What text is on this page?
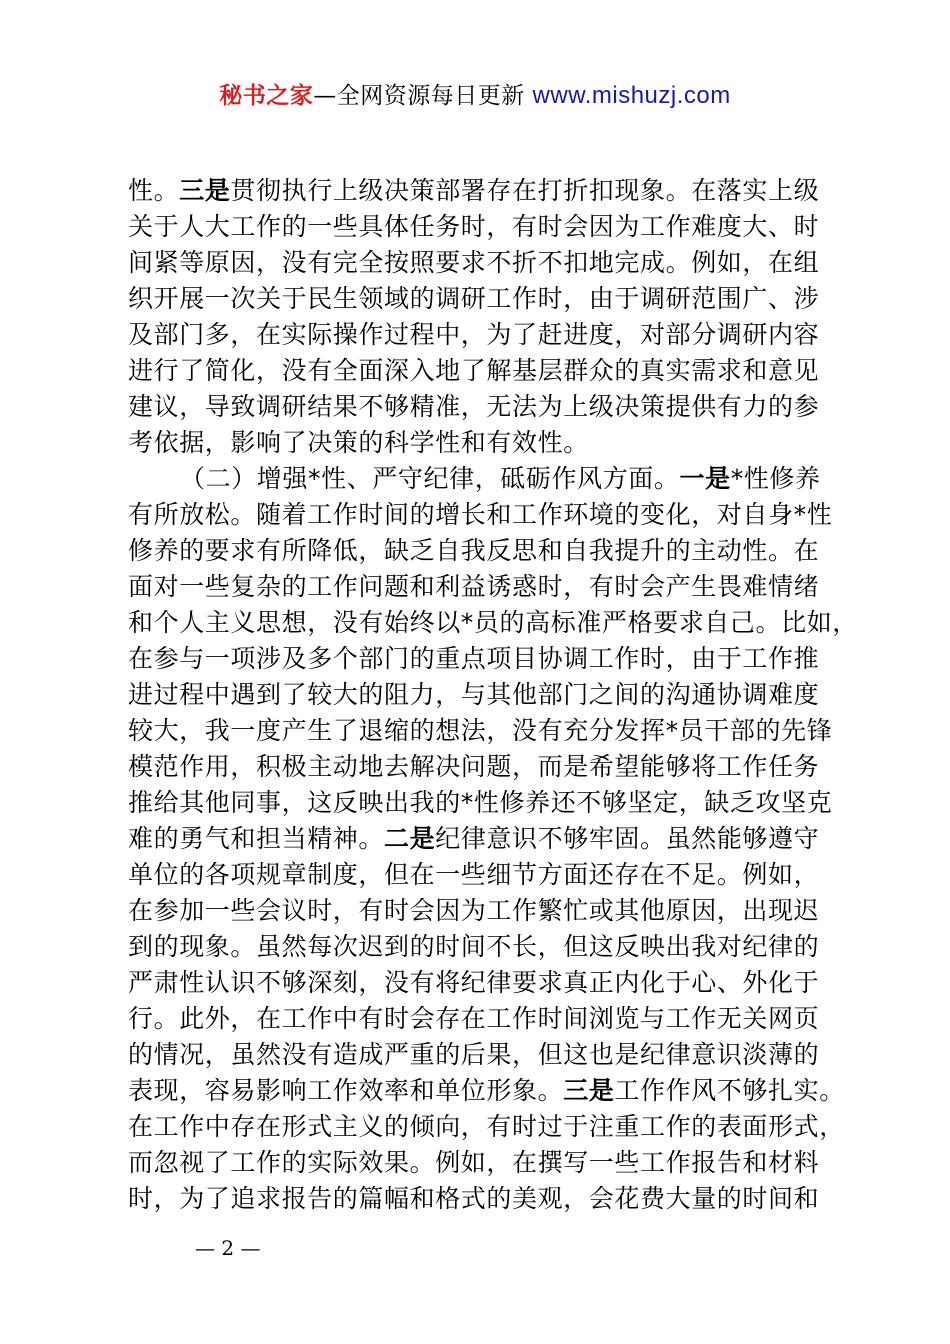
秘书之家—全网资源每日更新 www.mishuzj.com
性。三是贯彻执行上级决策部署存在打折扣现象。在落实上级
关于人大工作的一些具体任务时，有时会因为工作难度大、时
间紧等原因，没有完全按照要求不折不扣地完成。例如，在组
织开展一次关于民生领域的调研工作时，由于调研范围广、涉
及部门多，在实际操作过程中，为了赶进度，对部分调研内容
进行了简化，没有全面深入地了解基层群众的真实需求和意见
建议，导致调研结果不够精准，无法为上级决策提供有力的参
考依据，影响了决策的科学性和有效性。
（二）增强*性、严守纪律，砥砺作风方面。一是*性修养
有所放松。随着工作时间的增长和工作环境的变化，对自身*性
修养的要求有所降低，缺乏自我反思和自我提升的主动性。在
面对一些复杂的工作问题和利益诱惑时，有时会产生畏难情绪
和个人主义思想，没有始终以*员的高标准严格要求自己。比如，
在参与一项涉及多个部门的重点项目协调工作时，由于工作推
进过程中遇到了较大的阻力，与其他部门之间的沟通协调难度
较大，我一度产生了退缩的想法，没有充分发挥*员干部的先锋
模范作用，积极主动地去解决问题，而是希望能够将工作任务
推给其他同事，这反映出我的*性修养还不够坚定，缺乏攻坚克
难的勇气和担当精神。二是纪律意识不够牢固。虽然能够遵守
单位的各项规章制度，但在一些细节方面还存在不足。例如，
在参加一些会议时，有时会因为工作繁忙或其他原因，出现迟
到的现象。虽然每次迟到的时间不长，但这反映出我对纪律的
严肃性认识不够深刻，没有将纪律要求真正内化于心、外化于
行。此外，在工作中有时会存在工作时间浏览与工作无关网页
的情况，虽然没有造成严重的后果，但这也是纪律意识淡薄的
表现，容易影响工作效率和单位形象。三是工作作风不够扎实。
在工作中存在形式主义的倾向，有时过于注重工作的表面形式，
而忽视了工作的实际效果。例如，在撰写一些工作报告和材料
时，为了追求报告的篇幅和格式的美观，会花费大量的时间和
— 2 —
